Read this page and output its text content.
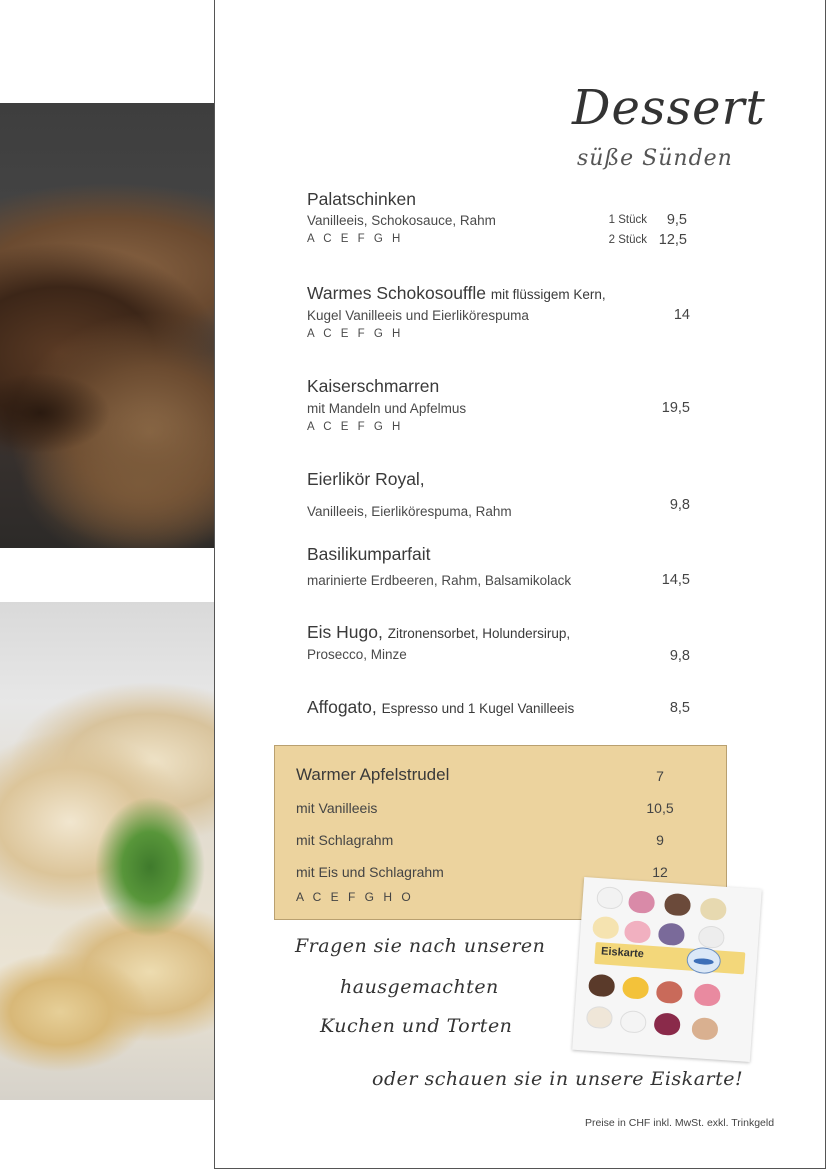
Dessert
süße Sünden
Palatschinken
Vanilleeis, Schokosauce, Rahm
A C E F G H
1 Stück	9,5
2 Stück 12,5
Warmes Schokosouffle mit flüssigem Kern,
Kugel Vanilleeis und Eierlikörespuma
A C E F G H
14
Kaiserschmarren
mit Mandeln und Apfelmus
A C E F G H
19,5
Eierlikör Royal,
Vanilleeis, Eierlikörespuma, Rahm	9,8
Basilikumparfait
marinierte Erdbeeren, Rahm, Balsamikolack	14,5
Eis Hugo, Zitronensorbet, Holundersirup,
Prosecco, Minze	9,8
Affogato, Espresso und 1 Kugel Vanilleeis	8,5
Warmer Apfelstrudel	7
mit Vanilleeis	10,5
mit Schlagrahm	9
mit Eis und Schlagrahm	12
A C E F G H O
Eiskarte
Fragen sie nach unseren
hausgemachten
Kuchen und Torten
oder schauen sie in unsere Eiskarte!
Preise in CHF inkl. MwSt. exkl. Trinkgeld
